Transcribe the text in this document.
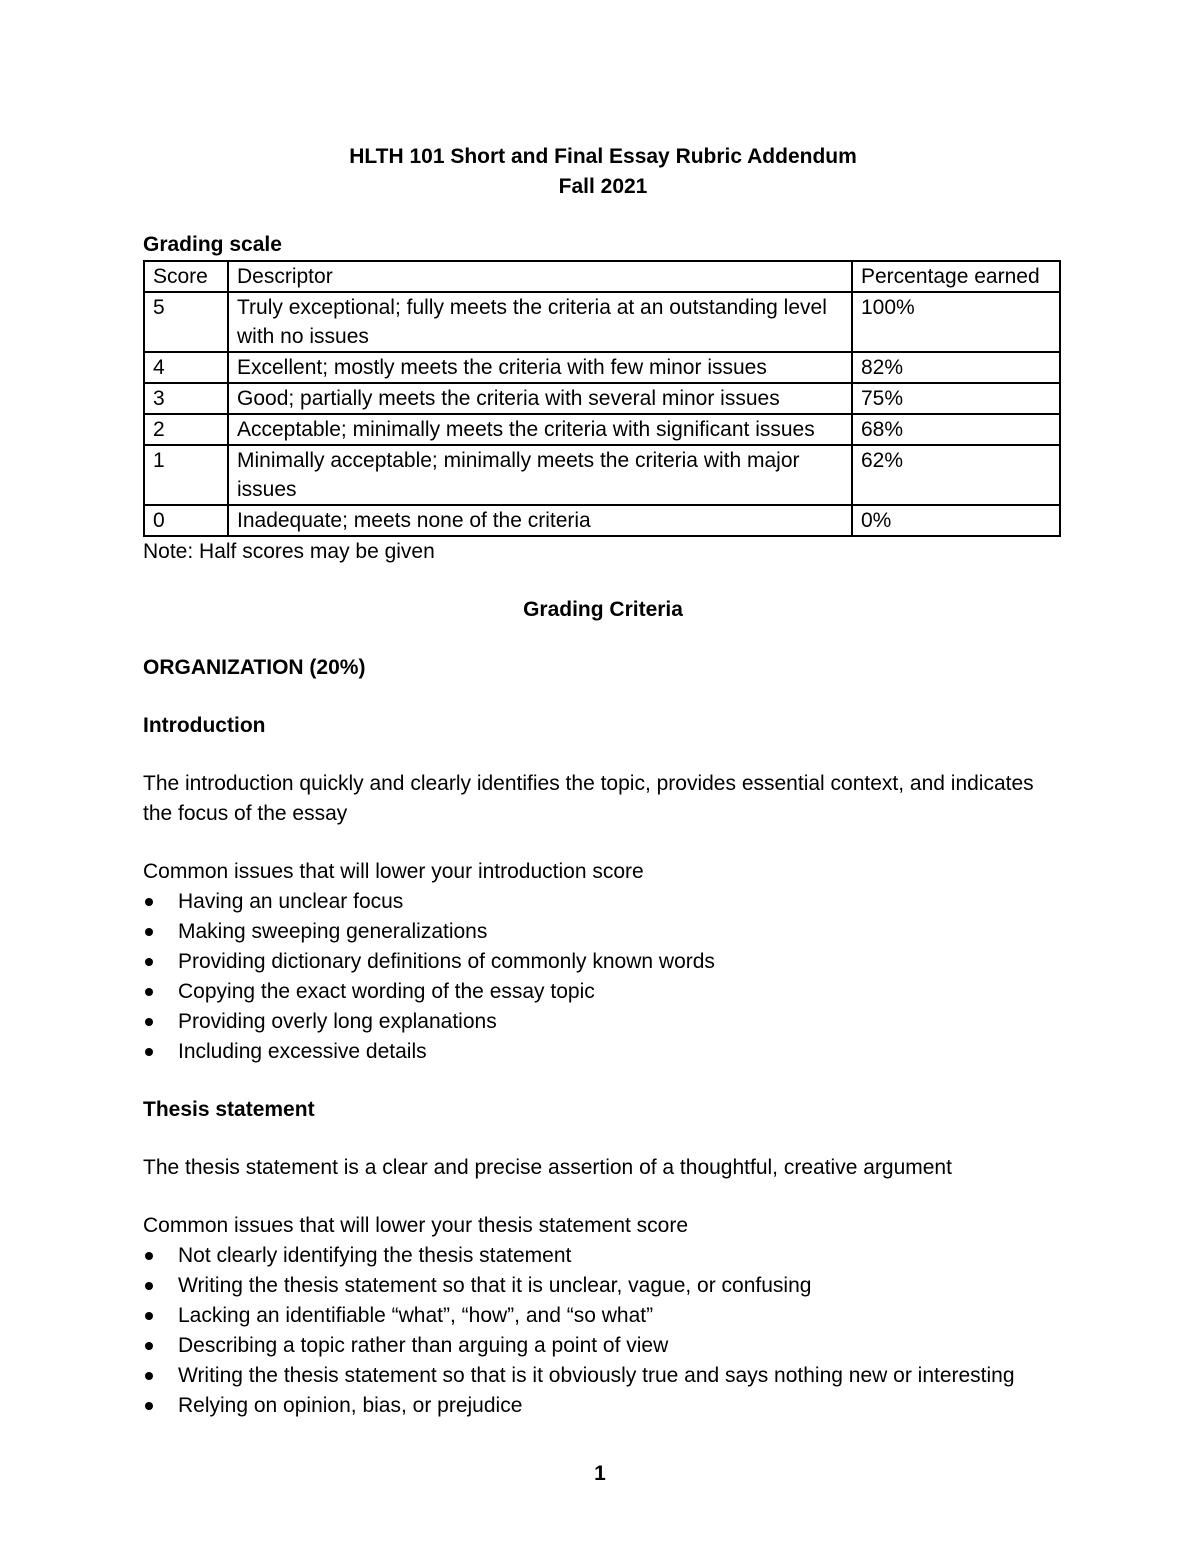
HLTH 101 Short and Final Essay Rubric Addendum

Fall 2021

Grading scale

Score	Descriptor	Percentage earned
5	Truly exceptional; fully meets the criteria at an outstanding level with no issues	100%
4	Excellent; mostly meets the criteria with few minor issues	82%
3	Good; partially meets the criteria with several minor issues	75%
2	Acceptable; minimally meets the criteria with significant issues	68%
1	Minimally acceptable; minimally meets the criteria with major issues	62%
0	Inadequate; meets none of the criteria	0%

Note: Half scores may be given

Grading Criteria

ORGANIZATION (20%)

Introduction

The introduction quickly and clearly identifies the topic, provides essential context, and indicates the focus of the essay

Common issues that will lower your introduction score

Having an unclear focus
Making sweeping generalizations
Providing dictionary definitions of commonly known words
Copying the exact wording of the essay topic
Providing overly long explanations
Including excessive details

Thesis statement

The thesis statement is a clear and precise assertion of a thoughtful, creative argument

Common issues that will lower your thesis statement score

Not clearly identifying the thesis statement
Writing the thesis statement so that it is unclear, vague, or confusing
Lacking an identifiable “what”, “how”, and “so what”
Describing a topic rather than arguing a point of view
Writing the thesis statement so that is it obviously true and says nothing new or interesting
Relying on opinion, bias, or prejudice
1
